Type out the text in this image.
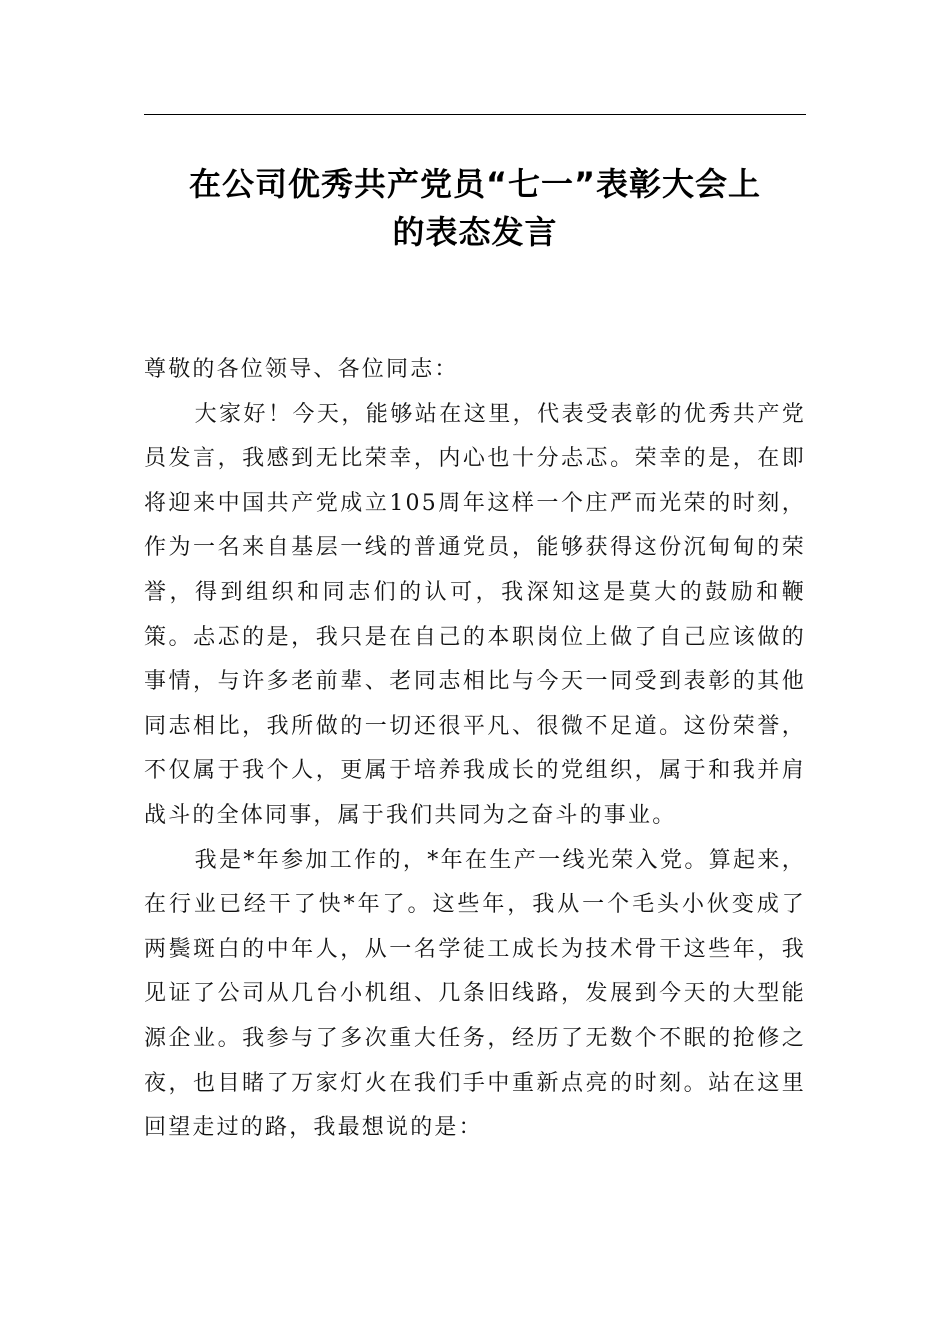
在公司优秀共产党员“七一”表彰大会上
的表态发言

尊敬的各位领导、各位同志：

大家好！今天，能够站在这里，代表受表彰的优秀共产党员发言，我感到无比荣幸，内心也十分忐忑。荣幸的是，在即将迎来中国共产党成立105周年这样一个庄严而光荣的时刻，作为一名来自基层一线的普通党员，能够获得这份沉甸甸的荣誉，得到组织和同志们的认可，我深知这是莫大的鼓励和鞭策。忐忑的是，我只是在自己的本职岗位上做了自己应该做的事情，与许多老前辈、老同志相比与今天一同受到表彰的其他同志相比，我所做的一切还很平凡、很微不足道。这份荣誉，不仅属于我个人，更属于培养我成长的党组织，属于和我并肩战斗的全体同事，属于我们共同为之奋斗的事业。

我是*年参加工作的，*年在生产一线光荣入党。算起来，在行业已经干了快*年了。这些年，我从一个毛头小伙变成了两鬓斑白的中年人，从一名学徒工成长为技术骨干这些年，我见证了公司从几台小机组、几条旧线路，发展到今天的大型能源企业。我参与了多次重大任务，经历了无数个不眠的抢修之夜，也目睹了万家灯火在我们手中重新点亮的时刻。站在这里回望走过的路，我最想说的是：
